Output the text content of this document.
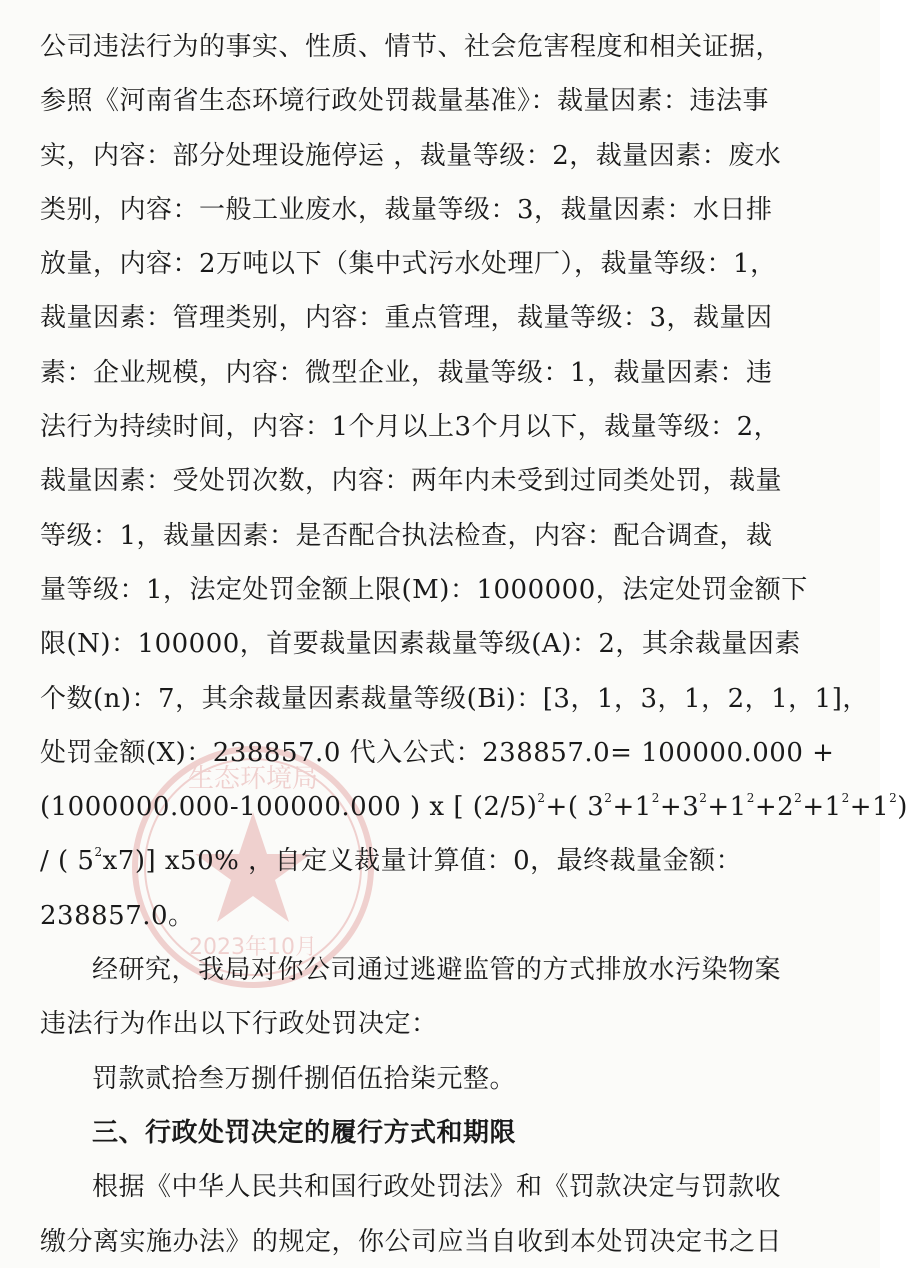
生态环境局
2023年10月
公司违法行为的事实、性质、情节、社会危害程度和相关证据，
参照《河南省生态环境行政处罚裁量基准》：裁量因素：违法事
实，内容：部分处理设施停运 ，裁量等级：2，裁量因素：废水
类别，内容：一般工业废水，裁量等级：3，裁量因素：水日排
放量，内容：2万吨以下（集中式污水处理厂），裁量等级：1，
裁量因素：管理类别，内容：重点管理，裁量等级：3，裁量因
素：企业规模，内容：微型企业，裁量等级：1，裁量因素：违
法行为持续时间，内容：1个月以上3个月以下，裁量等级：2，
裁量因素：受处罚次数，内容：两年内未受到过同类处罚，裁量
等级：1，裁量因素：是否配合执法检查，内容：配合调查，裁
量等级：1，法定处罚金额上限(M)：1000000，法定处罚金额下
限(N)：100000，首要裁量因素裁量等级(A)：2，其余裁量因素
个数(n)：7，其余裁量因素裁量等级(Bi)：[3，1，3，1，2，1，1]，
处罚金额(X)：238857.0 代入公式：238857.0= 100000.000 +
(1000000.000-100000.000 ) x [ $(2/5)^2+$( $3^2+1^2+3^2+1^2+2^2+1^2+1^2$)
/ ( $5^2x7$)] x50% ，自定义裁量计算值：0，最终裁量金额：
238857.0。
经研究，我局对你公司通过逃避监管的方式排放水污染物案
违法行为作出以下行政处罚决定：
罚款贰拾叁万捌仟捌佰伍拾柒元整。
三、行政处罚决定的履行方式和期限
根据《中华人民共和国行政处罚法》和《罚款决定与罚款收
缴分离实施办法》的规定，你公司应当自收到本处罚决定书之日
